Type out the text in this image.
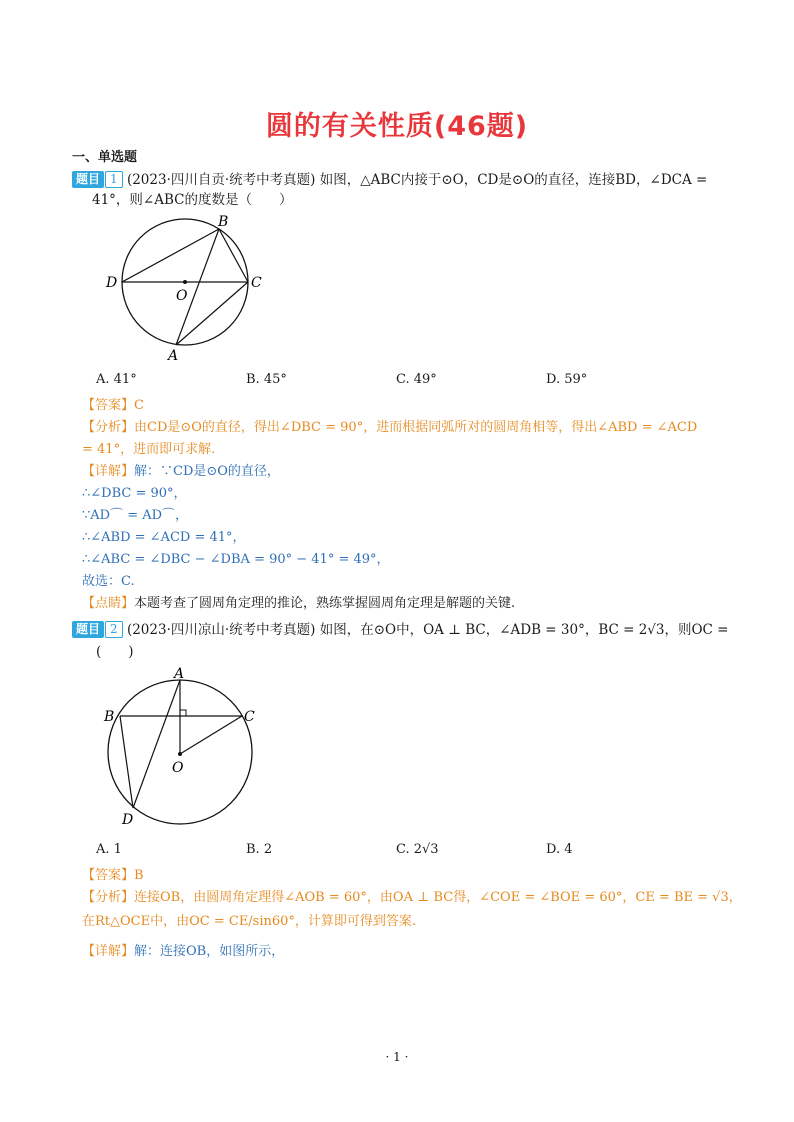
圆的有关性质(46题)
一、单选题
题目 1 (2023·四川自贡·统考中考真题) 如图，△ABC内接于⊙O，CD是⊙O的直径，连接BD，∠DCA =
41°，则∠ABC的度数是（　　）
B
D
O
C
A
A. 41°	B. 45°	C. 49°	D. 59°
【答案】C
【分析】由CD是⊙O的直径，得出∠DBC = 90°，进而根据同弧所对的圆周角相等，得出∠ABD = ∠ACD
= 41°，进而即可求解.
【详解】解：∵CD是⊙O的直径，
∴∠DBC = 90°，
∵AD⌒ = AD⌒，
∴∠ABD = ∠ACD = 41°，
∴∠ABC = ∠DBC − ∠DBA = 90° − 41° = 49°，
故选：C.
【点睛】本题考查了圆周角定理的推论，熟练掌握圆周角定理是解题的关键.
题目 2 (2023·四川凉山·统考中考真题) 如图，在⊙O中，OA ⊥ BC，∠ADB = 30°，BC = 2√3，则OC =
(　　)
A
B	C
O
D
A. 1	B. 2	C. 2√3	D. 4
【答案】B
【分析】连接OB，由圆周角定理得∠AOB = 60°，由OA ⊥ BC得，∠COE = ∠BOE = 60°，CE = BE = √3，
在Rt△OCE中，由OC = CE/sin60°，计算即可得到答案.
【详解】解：连接OB，如图所示，
· 1 ·
